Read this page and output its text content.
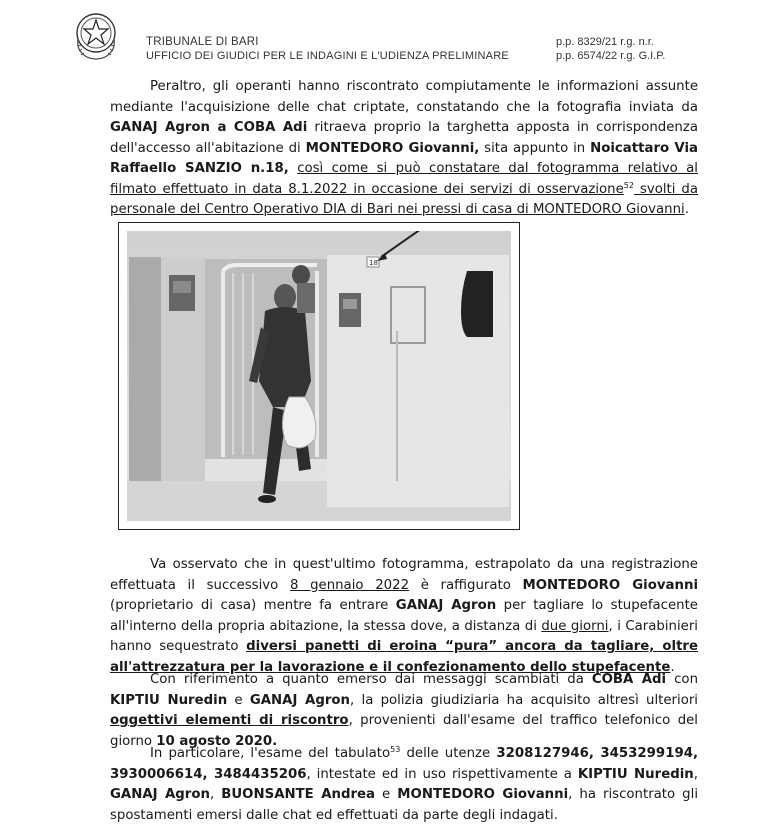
TRIBUNALE DI BARI
UFFICIO DEI GIUDICI PER LE INDAGINI E L'UDIENZA PRELIMINARE
p.p. 8329/21 r.g. n.r.
p.p. 6574/22 r.g. G.I.P.
Peraltro, gli operanti hanno riscontrato compiutamente le informazioni assunte mediante l'acquisizione delle chat criptate, constatando che la fotografia inviata da GANAJ Agron a COBA Adi ritraeva proprio la targhetta apposta in corrispondenza dell'accesso all'abitazione di MONTEDORO Giovanni, sita appunto in Noicattaro Via Raffaello SANZIO n.18, così come si può constatare dal fotogramma relativo al filmato effettuato in data 8.1.2022 in occasione dei servizi di osservazione$^{52}$ svolti da personale del Centro Operativo DIA di Bari nei pressi di casa di MONTEDORO Giovanni.
18
Va osservato che in quest'ultimo fotogramma, estrapolato da una registrazione effettuata il successivo 8 gennaio 2022 è raffigurato MONTEDORO Giovanni (proprietario di casa) mentre fa entrare GANAJ Agron per tagliare lo stupefacente all'interno della propria abitazione, la stessa dove, a distanza di due giorni, i Carabinieri hanno sequestrato diversi panetti di eroina “pura” ancora da tagliare, oltre all'attrezzatura per la lavorazione e il confezionamento dello stupefacente.
Con riferimento a quanto emerso dai messaggi scambiati da COBA Adi con KIPTIU Nuredin e GANAJ Agron, la polizia giudiziaria ha acquisito altresì ulteriori oggettivi elementi di riscontro, provenienti dall'esame del traffico telefonico del giorno 10 agosto 2020.
In particolare, l'esame del tabulato$^{53}$ delle utenze 3208127946, 3453299194, 3930006614, 3484435206, intestate ed in uso rispettivamente a KIPTIU Nuredin, GANAJ Agron, BUONSANTE Andrea e MONTEDORO Giovanni, ha riscontrato gli spostamenti emersi dalle chat ed effettuati da parte degli indagati.
